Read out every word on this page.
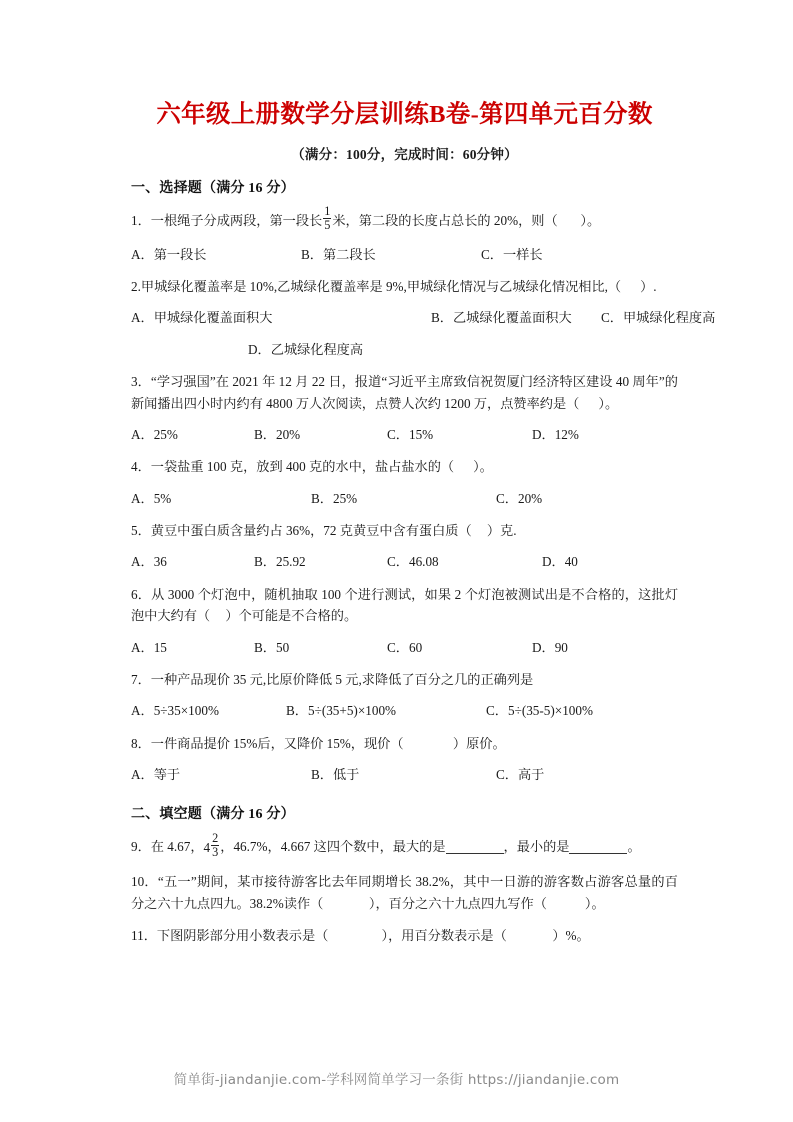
六年级上册数学分层训练B卷-第四单元百分数
（满分：100分，完成时间：60分钟）
一、选择题（满分 16 分）
1．一根绳子分成两段，第一段长 $\frac{1}{5}$ 米，第二段的长度占总长的 20%，则（ ）。
A．第一段长	B．第二段长	C．一样长
2.甲城绿化覆盖率是 10%,乙城绿化覆盖率是 9%,甲城绿化情况与乙城绿化情况相比,（ ）.
A．甲城绿化覆盖面积大	B．乙城绿化覆盖面积大 C．甲城绿化程度高
D．乙城绿化程度高
3．“学习强国”在 2021 年 12 月 22 日，报道“习近平主席致信祝贺厦门经济特区建设 40 周年”的新闻播出四小时内约有 4800 万人次阅读，点赞人次约 1200 万，点赞率约是（ ）。
A．25%	B．20%	C．15%	D．12%
4．一袋盐重 100 克，放到 400 克的水中，盐占盐水的（ ）。
A．5%	B．25%	C．20%
5．黄豆中蛋白质含量约占 36%，72 克黄豆中含有蛋白质（ ）克.
A．36	B．25.92	C．46.08	D．40
6．从 3000 个灯泡中，随机抽取 100 个进行测试，如果 2 个灯泡被测试出是不合格的，这批灯泡中大约有（ ）个可能是不合格的。
A．15	B．50	C．60	D．90
7．一种产品现价 35 元,比原价降低 5 元,求降低了百分之几的正确列是
A．5÷35×100%	B．5÷(35+5)×100%	C．5÷(35-5)×100%
8．一件商品提价 15%后，又降价 15%，现价（	）原价。
A．等于	B．低于	C．高于
二、填空题（满分 16 分）
9．在 4.67，$4 \frac{2}{3}$ ，46.7%，4.667 这四个数中，最大的是	，最小的是	。
10．“五一”期间，某市接待游客比去年同期增长 38.2%，其中一日游的游客数占游客总量的百分之六十九点四九。38.2%读作（	），百分之六十九点四九写作（	）。
11．下图阴影部分用小数表示是（	），用百分数表示是（	）%。
简单街-jiandanjie.com-学科网简单学习一条街 https://jiandanjie.com
